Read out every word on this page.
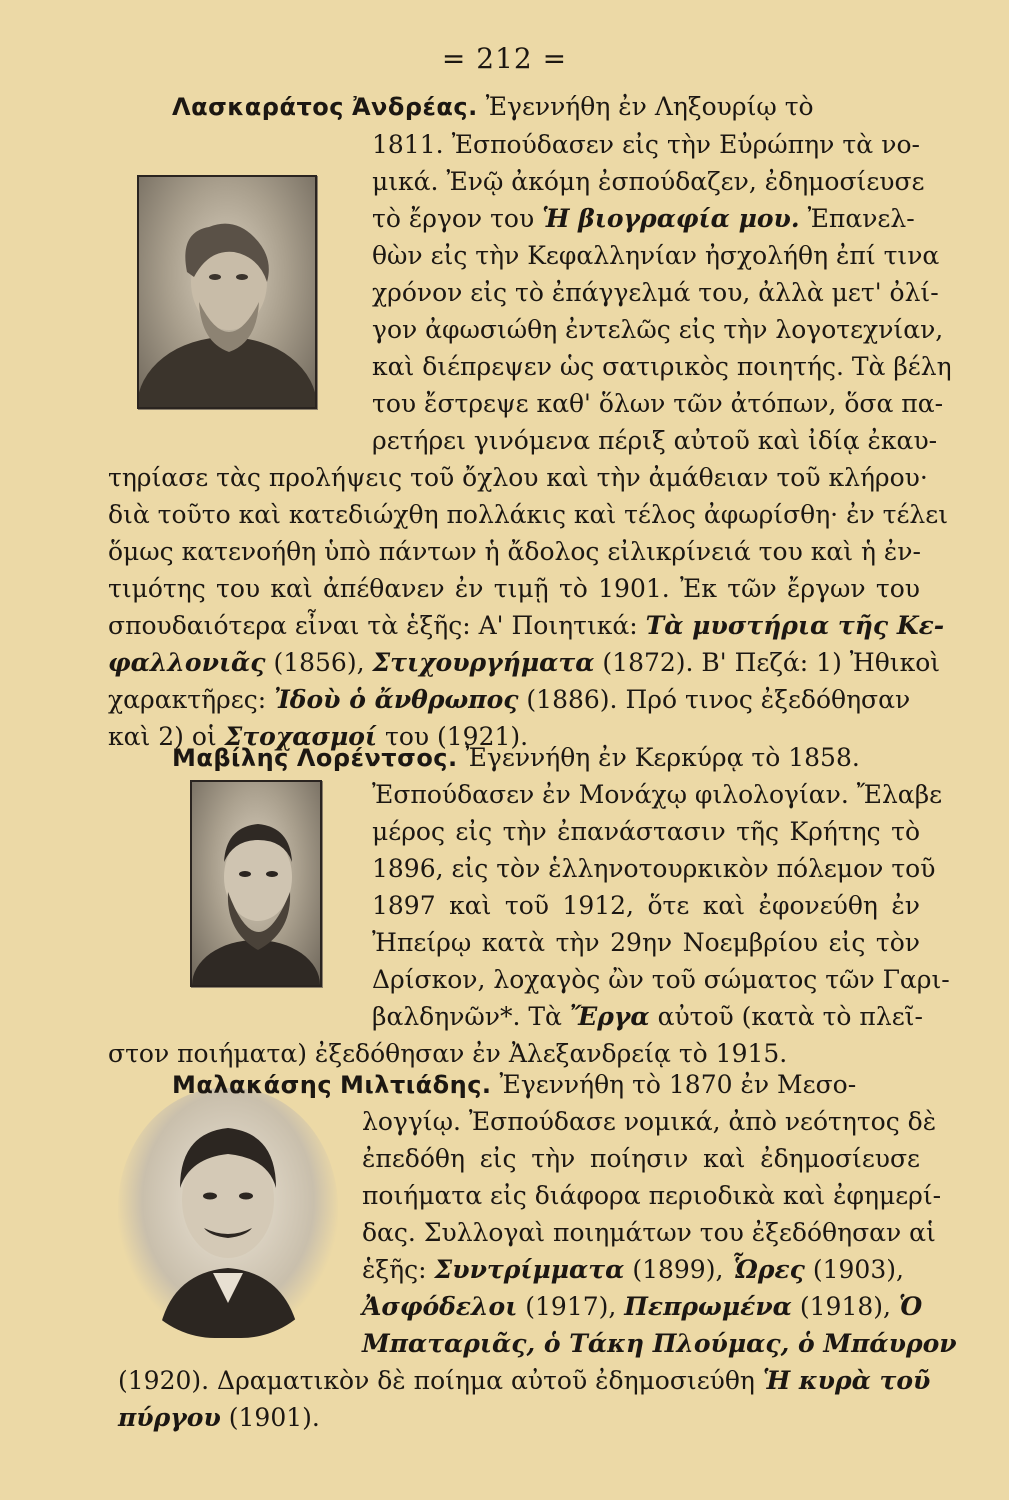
= 212 =
Λασκαράτος Ἀνδρέας. Ἐγεννήθη ἐν Ληξουρίῳ τὸ
1811. Ἐσπούδασεν εἰς τὴν Εὐρώπην τὰ νο-
μικά. Ἐνῷ ἀκόμη ἐσπούδαζεν, ἐδημοσίευσε
τὸ ἔργον του Ἡ βιογραφία μου. Ἐπανελ-
θὼν εἰς τὴν Κεφαλληνίαν ἠσχολήθη ἐπί τινα
χρόνον εἰς τὸ ἐπάγγελμά του, ἀλλὰ μετ' ὀλί-
γον ἀφωσιώθη ἐντελῶς εἰς τὴν λογοτεχνίαν,
καὶ διέπρεψεν ὡς σατιρικὸς ποιητής. Τὰ βέλη
του ἔστρεψε καθ' ὅλων τῶν ἀτόπων, ὅσα πα-
ρετήρει γινόμενα πέριξ αὐτοῦ καὶ ἰδίᾳ ἐκαυ-
τηρίασε τὰς προλήψεις τοῦ ὄχλου καὶ τὴν ἀμάθειαν τοῦ κλήρου·
διὰ τοῦτο καὶ κατεδιώχθη πολλάκις καὶ τέλος ἀφωρίσθη· ἐν τέλει
ὅμως κατενοήθη ὑπὸ πάντων ἡ ἄδολος εἰλικρίνειά του καὶ ἡ ἐν-
τιμότης του καὶ ἀπέθανεν ἐν τιμῇ τὸ 1901. Ἐκ τῶν ἔργων του
σπουδαιότερα εἶναι τὰ ἑξῆς: Α' Ποιητικά: Τὰ μυστήρια τῆς Κε-
φαλλονιᾶς (1856), Στιχουργήματα (1872). Β' Πεζά: 1) Ἠθικοὶ
χαρακτῆρες: Ἰδοὺ ὁ ἄνθρωπος (1886). Πρό τινος ἐξεδόθησαν
καὶ 2) οἱ Στοχασμοί του (1921).
Μαβίλης Λορέντσος. Ἐγεννήθη ἐν Κερκύρᾳ τὸ 1858.
Ἐσπούδασεν ἐν Μονάχῳ φιλολογίαν. Ἔλαβε
μέρος εἰς τὴν ἐπανάστασιν τῆς Κρήτης τὸ
1896, εἰς τὸν ἑλληνοτουρκικὸν πόλεμον τοῦ
1897 καὶ τοῦ 1912, ὅτε καὶ ἐφονεύθη ἐν
Ἠπείρῳ κατὰ τὴν 29ην Νοεμβρίου εἰς τὸν
Δρίσκον, λοχαγὸς ὢν τοῦ σώματος τῶν Γαρι-
βαλδηνῶν*. Τὰ Ἔργα αὐτοῦ (κατὰ τὸ πλεῖ-
στον ποιήματα) ἐξεδόθησαν ἐν Ἀλεξανδρείᾳ τὸ 1915.
Μαλακάσης Μιλτιάδης. Ἐγεννήθη τὸ 1870 ἐν Μεσο-
λογγίῳ. Ἐσπούδασε νομικά, ἀπὸ νεότητος δὲ
ἐπεδόθη εἰς τὴν ποίησιν καὶ ἐδημοσίευσε
ποιήματα εἰς διάφορα περιοδικὰ καὶ ἐφημερί-
δας. Συλλογαὶ ποιημάτων του ἐξεδόθησαν αἱ
ἑξῆς: Συντρίμματα (1899), Ὧρες (1903),
Ἀσφόδελοι (1917), Πεπρωμένα (1918), Ὁ
Μπαταριᾶς, ὁ Τάκη Πλούμας, ὁ Μπάυρον
(1920). Δραματικὸν δὲ ποίημα αὐτοῦ ἐδημοσιεύθη Ἡ κυρὰ τοῦ
πύργου (1901).
